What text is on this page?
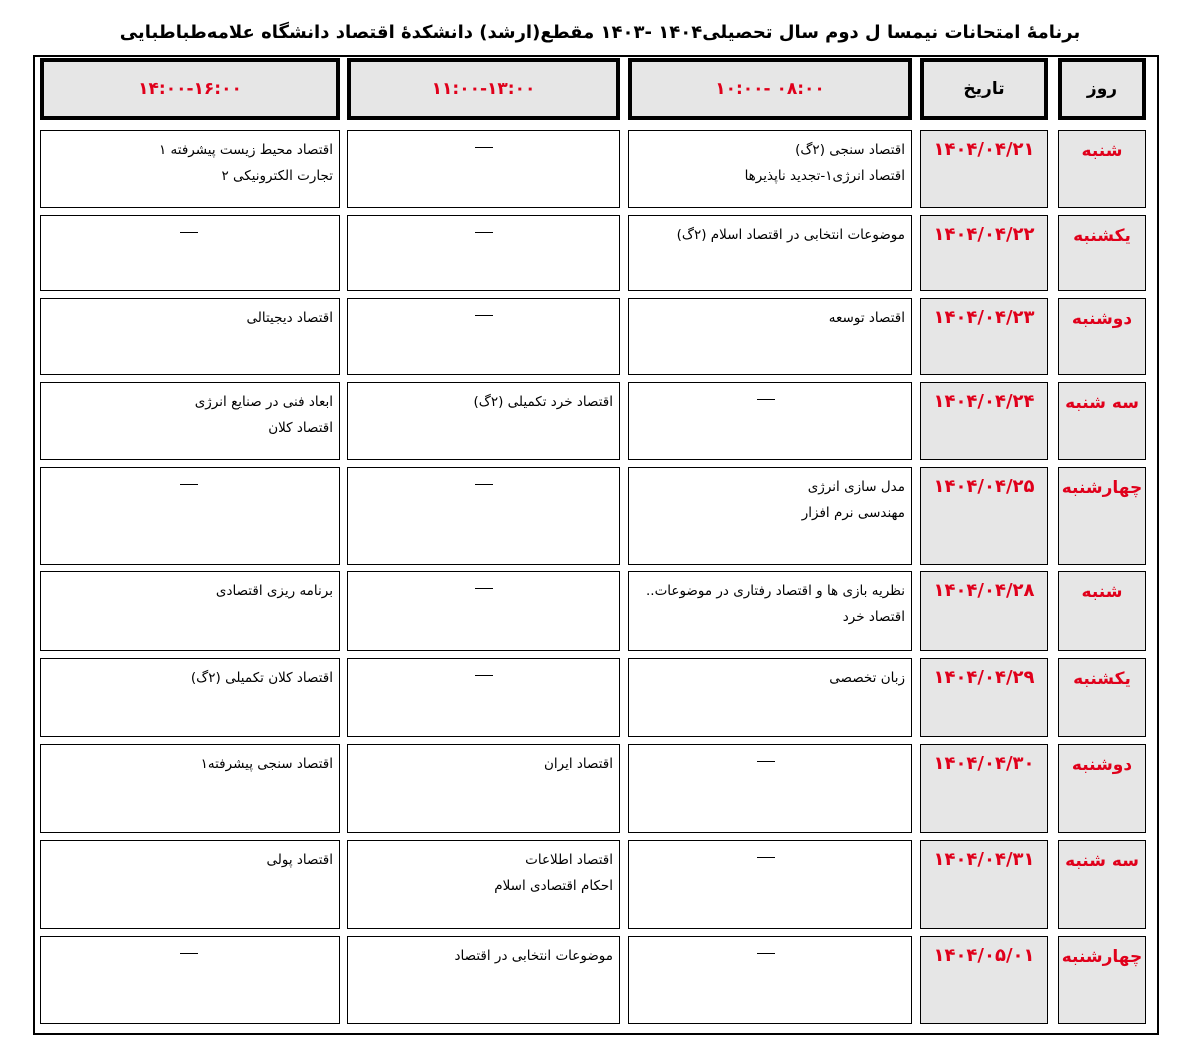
برنامهٔ امتحانات نیمسا ل دوم سال تحصیلی۱۴۰۴ -۱۴۰۳ مقطع(ارشد) دانشکدهٔ اقتصاد دانشگاه علامه‌طباطبایی
روز
تاریخ
۰۸:۰۰ -۱۰:۰۰
۱۱:۰۰-۱۳:۰۰
۱۴:۰۰-۱۶:۰۰
شنبه
۱۴۰۴/۰۴/۲۱
اقتصاد سنجی (۲گ)
اقتصاد انرژی۱-تجدید ناپذیرها
اقتصاد محیط زیست پیشرفته ۱
تجارت الکترونیکی ۲
یکشنبه
۱۴۰۴/۰۴/۲۲
موضوعات انتخابی در اقتصاد اسلام (۲گ)
دوشنبه
۱۴۰۴/۰۴/۲۳
اقتصاد توسعه
اقتصاد دیجیتالی
سه شنبه
۱۴۰۴/۰۴/۲۴
اقتصاد خرد تکمیلی (۲گ)
ابعاد فنی در صنایع انرژی
اقتصاد کلان
چهارشنبه
۱۴۰۴/۰۴/۲۵
مدل سازی انرژی
مهندسی نرم افزار
شنبه
۱۴۰۴/۰۴/۲۸
نظریه بازی ها و اقتصاد رفتاری در موضوعات..
اقتصاد خرد
برنامه ریزی اقتصادی
یکشنبه
۱۴۰۴/۰۴/۲۹
زبان تخصصی
اقتصاد کلان تکمیلی (۲گ)
دوشنبه
۱۴۰۴/۰۴/۳۰
اقتصاد ایران
اقتصاد سنجی پیشرفته۱
سه شنبه
۱۴۰۴/۰۴/۳۱
اقتصاد اطلاعات
احکام اقتصادی اسلام
اقتصاد پولی
چهارشنبه
۱۴۰۴/۰۵/۰۱
موضوعات انتخابی در اقتصاد
